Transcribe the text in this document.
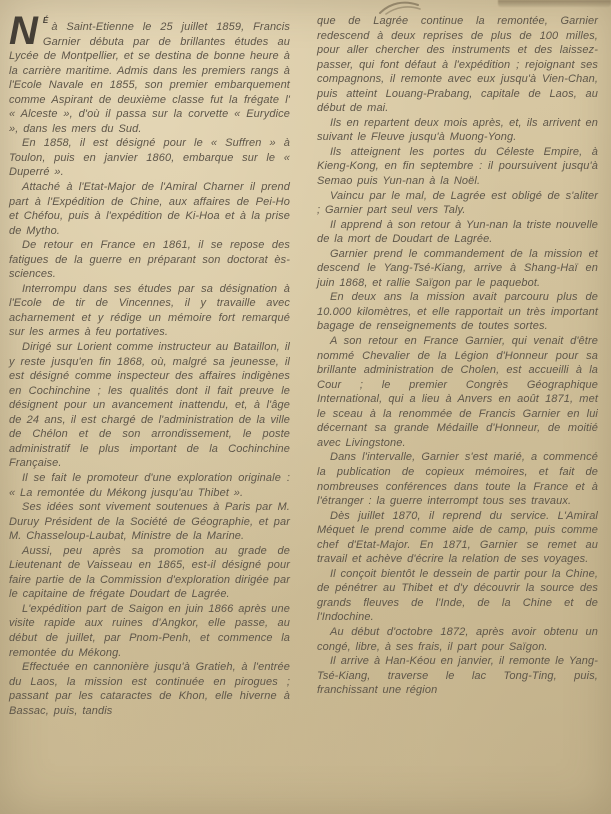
N $^É$à Saint-Etienne le 25 juillet 1859, Francis Garnier débuta par de brillantes études au Lycée de Montpellier, et se destina de bonne heure à la carrière maritime. Admis dans les premiers rangs à l'Ecole Navale en 1855, son premier embarquement comme Aspirant de deuxième classe fut la frégate l' « Alceste », d'où il passa sur la corvette « Eurydice », dans les mers du Sud.

En 1858, il est désigné pour le « Suffren » à Toulon, puis en janvier 1860, embarque sur le « Duperré ».

Attaché à l'Etat-Major de l'Amiral Charner il prend part à l'Expédition de Chine, aux affaires de Pei-Ho et Chéfou, puis à l'expédition de Ki-Hoa et à la prise de Mytho.

De retour en France en 1861, il se repose des fatigues de la guerre en préparant son doctorat ès-sciences.

Interrompu dans ses études par sa désignation à l'Ecole de tir de Vincennes, il y travaille avec acharnement et y rédige un mémoire fort remarqué sur les armes à feu portatives.

Dirigé sur Lorient comme instructeur au Bataillon, il y reste jusqu'en fin 1868, où, malgré sa jeunesse, il est désigné comme inspecteur des affaires indigènes en Cochinchine ; les qualités dont il fait preuve le désignent pour un avancement inattendu, et, à l'âge de 24 ans, il est chargé de l'administration de la ville de Chélon et de son arrondissement, le poste administratif le plus important de la Cochinchine Française.

Il se fait le promoteur d'une exploration originale : « La remontée du Mékong jusqu'au Thibet ».

Ses idées sont vivement soutenues à Paris par M. Duruy Président de la Société de Géographie, et par M. Chasseloup-Laubat, Ministre de la Marine.

Aussi, peu après sa promotion au grade de Lieutenant de Vaisseau en 1865, est-il désigné pour faire partie de la Commission d'exploration dirigée par le capitaine de frégate Doudart de Lagrée.

L'expédition part de Saigon en juin 1866 après une visite rapide aux ruines d'Angkor, elle passe, au début de juillet, par Pnom-Penh, et commence la remontée du Mékong.

Effectuée en cannonière jusqu'à Gratieh, à l'entrée du Laos, la mission est continuée en pirogues ; passant par les cataractes de Khon, elle hiverne à Bassac, puis, tandis

que de Lagrée continue la remontée, Garnier redescend à deux reprises de plus de 100 milles, pour aller chercher des instruments et des laissez-passer, qui font défaut à l'expédition ; rejoignant ses compagnons, il remonte avec eux jusqu'à Vien-Chan, puis atteint Louang-Prabang, capitale de Laos, au début de mai.

Ils en repartent deux mois après, et, ils arrivent en suivant le Fleuve jusqu'à Muong-Yong.

Ils atteignent les portes du Céleste Empire, à Kieng-Kong, en fin septembre : il poursuivent jusqu'à Semao puis Yun-nan à la Noël.

Vaincu par le mal, de Lagrée est obligé de s'aliter ; Garnier part seul vers Taly.

Il apprend à son retour à Yun-nan la triste nouvelle de la mort de Doudart de Lagrée.

Garnier prend le commandement de la mission et descend le Yang-Tsé-Kiang, arrive à Shang-Haï en juin 1868, et rallie Saïgon par le paquebot.

En deux ans la mission avait parcouru plus de 10.000 kilomètres, et elle rapportait un très important bagage de renseignements de toutes sortes.

A son retour en France Garnier, qui venait d'être nommé Chevalier de la Légion d'Honneur pour sa brillante administration de Cholen, est accueilli à la Cour ; le premier Congrès Géographique International, qui a lieu à Anvers en août 1871, met le sceau à la renommée de Francis Garnier en lui décernant sa grande Médaille d'Honneur, de moitié avec Livingstone.

Dans l'intervalle, Garnier s'est marié, a commencé la publication de copieux mémoires, et fait de nombreuses conférences dans toute la France et à l'étranger : la guerre interrompt tous ses travaux.

Dès juillet 1870, il reprend du service. L'Amiral Méquet le prend comme aide de camp, puis comme chef d'Etat-Major. En 1871, Garnier se remet au travail et achève d'écrire la relation de ses voyages.

Il conçoit bientôt le dessein de partir pour la Chine, de pénétrer au Thibet et d'y découvrir la source des grands fleuves de l'Inde, de la Chine et de l'Indochine.

Au début d'octobre 1872, après avoir obtenu un congé, libre, à ses frais, il part pour Saïgon.

Il arrive à Han-Kéou en janvier, il remonte le Yang-Tsé-Kiang, traverse le lac Tong-Ting, puis, franchissant une région
